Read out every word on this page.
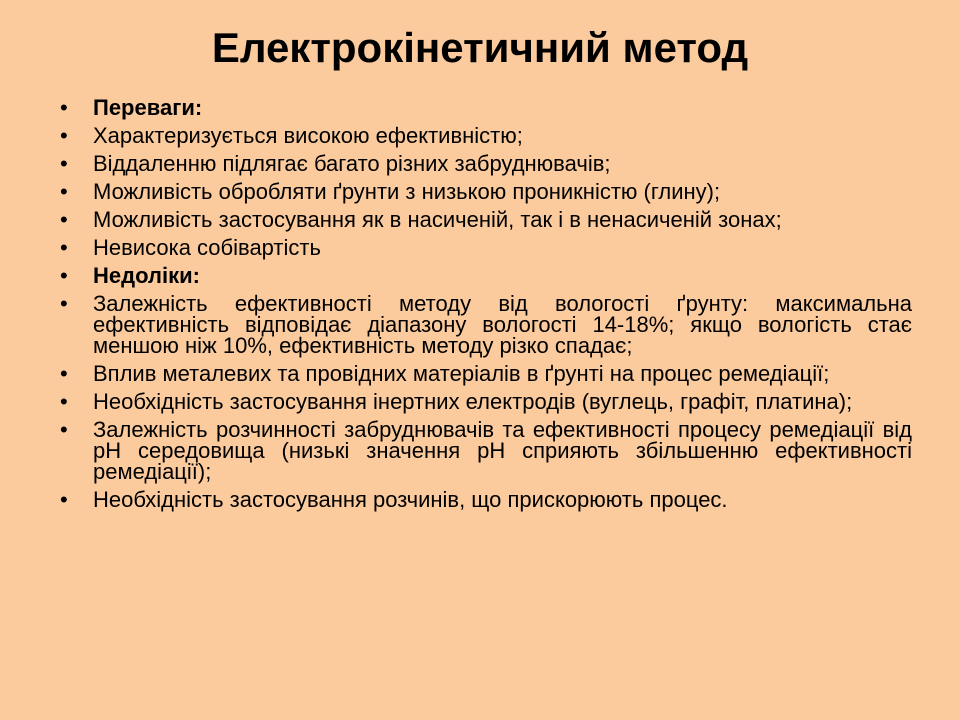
Електрокінетичний метод
•	Переваги:
•	Характеризується високою ефективністю;
•	Віддаленню підлягає багато різних забруднювачів;
•	Можливість обробляти ґрунти з низькою проникністю (глину);
•	Можливість застосування як в насиченій, так і в ненасиченій зонах;
•	Невисока собівартість
•	Недоліки:
•	Залежність ефективності методу від вологості ґрунту: максимальна ефективність відповідає діапазону вологості 14-18%; якщо вологість стає меншою ніж 10%, ефективність методу різко спадає;
•	Вплив металевих та провідних матеріалів в ґрунті на процес ремедіації;
•	Необхідність застосування інертних електродів (вуглець, графіт, платина);
•	Залежність розчинності забруднювачів та ефективності процесу ремедіації від pH середовища (низькі значення pH сприяють збільшенню ефективності ремедіації);
•	Необхідність застосування розчинів, що прискорюють процес.
